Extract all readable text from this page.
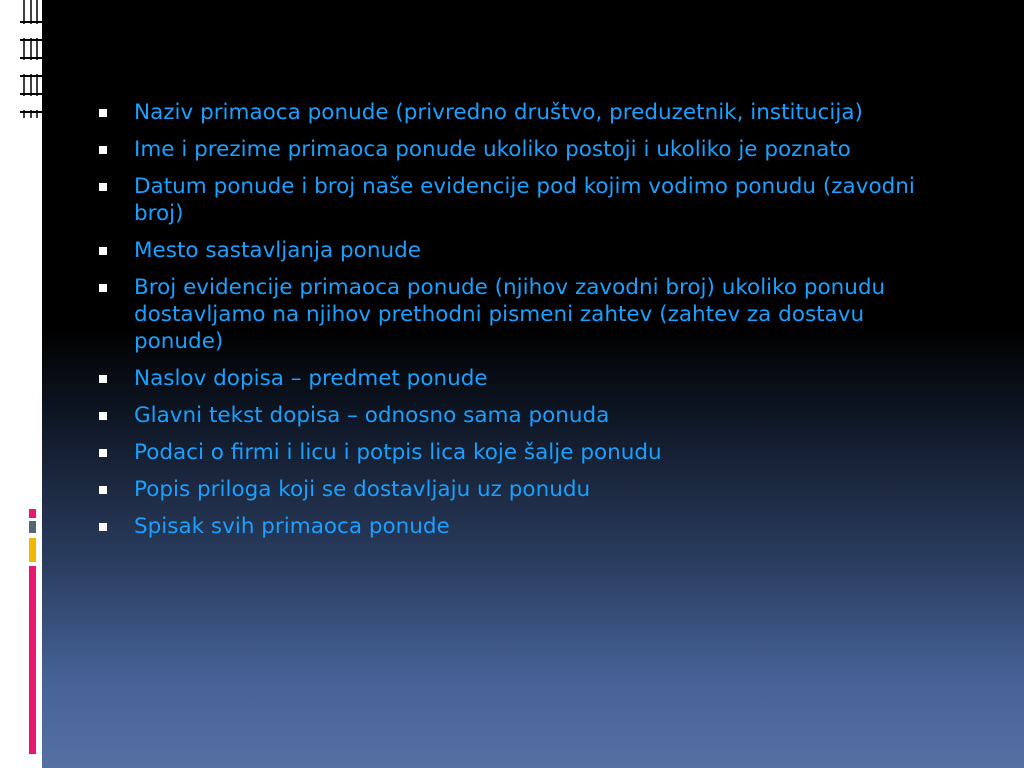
Naziv primaoca ponude (privredno društvo, preduzetnik, institucija)
Ime i prezime primaoca ponude ukoliko postoji i ukoliko je poznato
Datum ponude i broj naše evidencije pod kojim vodimo ponudu (zavodni broj)
Mesto sastavljanja ponude
Broj evidencije primaoca ponude (njihov zavodni broj) ukoliko ponudu dostavljamo na njihov prethodni pismeni zahtev (zahtev za dostavu ponude)
Naslov dopisa – predmet ponude
Glavni tekst dopisa – odnosno sama ponuda
Podaci o firmi i licu i potpis lica koje šalje ponudu
Popis priloga koji se dostavljaju uz ponudu
Spisak svih primaoca ponude
